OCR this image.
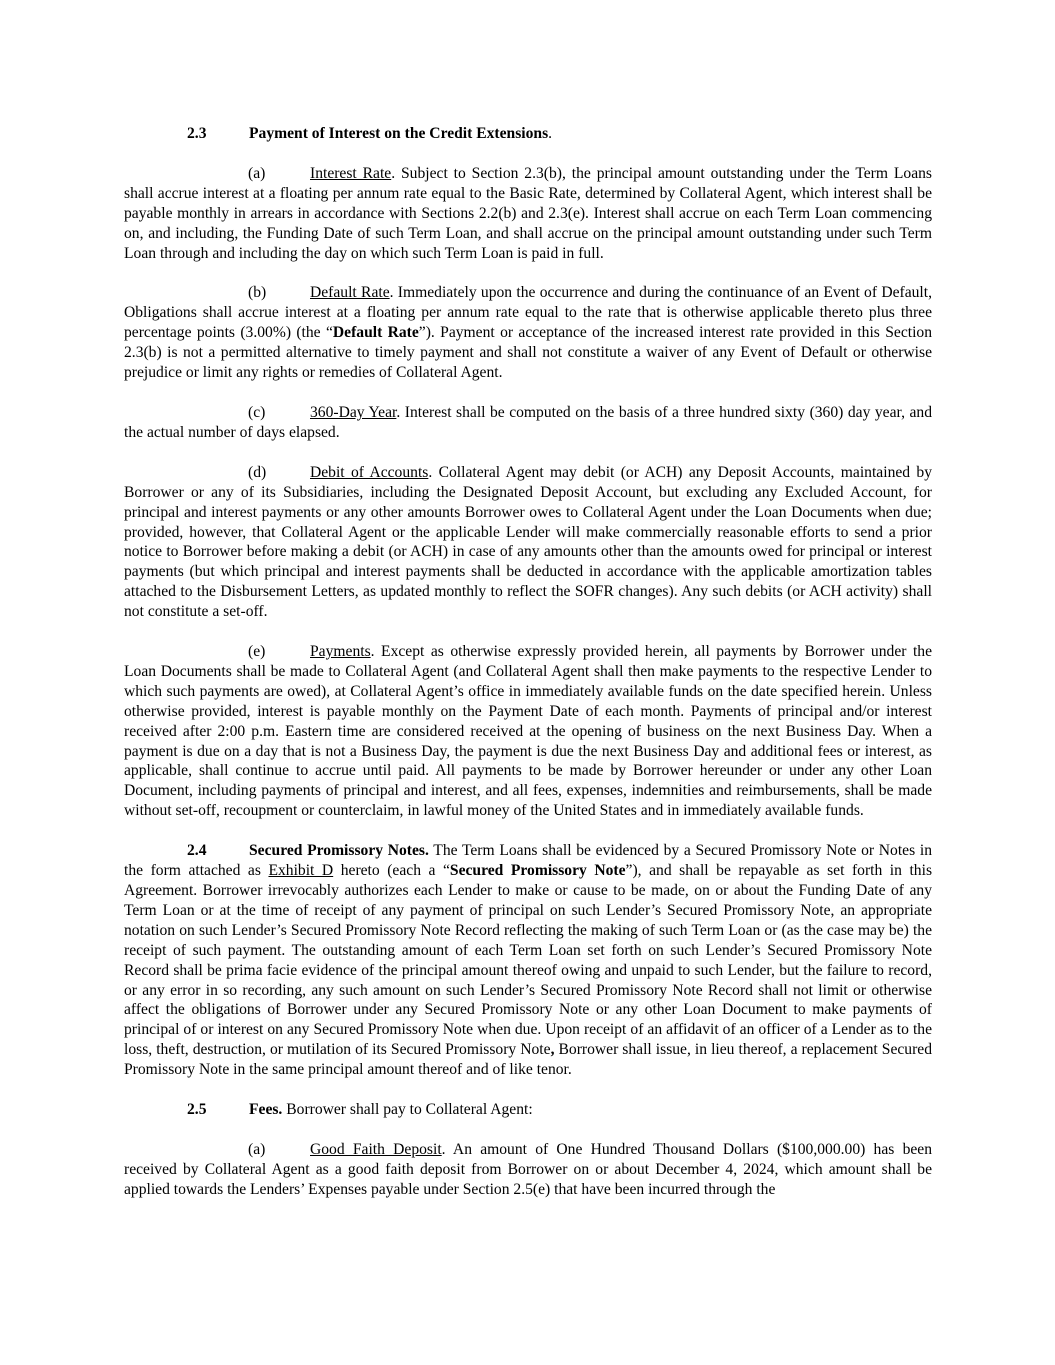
2.3	Payment of Interest on the Credit Extensions.

(a)	Interest Rate. Subject to Section 2.3(b), the principal amount outstanding under the Term Loans shall accrue interest at a floating per annum rate equal to the Basic Rate, determined by Collateral Agent, which interest shall be payable monthly in arrears in accordance with Sections 2.2(b) and 2.3(e). Interest shall accrue on each Term Loan commencing on, and including, the Funding Date of such Term Loan, and shall accrue on the principal amount outstanding under such Term Loan through and including the day on which such Term Loan is paid in full.

(b)	Default Rate. Immediately upon the occurrence and during the continuance of an Event of Default, Obligations shall accrue interest at a floating per annum rate equal to the rate that is otherwise applicable thereto plus three percentage points (3.00%) (the “Default Rate”). Payment or acceptance of the increased interest rate provided in this Section 2.3(b) is not a permitted alternative to timely payment and shall not constitute a waiver of any Event of Default or otherwise prejudice or limit any rights or remedies of Collateral Agent.

(c)	360-Day Year. Interest shall be computed on the basis of a three hundred sixty (360) day year, and the actual number of days elapsed.

(d)	Debit of Accounts. Collateral Agent may debit (or ACH) any Deposit Accounts, maintained by Borrower or any of its Subsidiaries, including the Designated Deposit Account, but excluding any Excluded Account, for principal and interest payments or any other amounts Borrower owes to Collateral Agent under the Loan Documents when due; provided, however, that Collateral Agent or the applicable Lender will make commercially reasonable efforts to send a prior notice to Borrower before making a debit (or ACH) in case of any amounts other than the amounts owed for principal or interest payments (but which principal and interest payments shall be deducted in accordance with the applicable amortization tables attached to the Disbursement Letters, as updated monthly to reflect the SOFR changes). Any such debits (or ACH activity) shall not constitute a set-off.

(e)	Payments. Except as otherwise expressly provided herein, all payments by Borrower under the Loan Documents shall be made to Collateral Agent (and Collateral Agent shall then make payments to the respective Lender to which such payments are owed), at Collateral Agent’s office in immediately available funds on the date specified herein. Unless otherwise provided, interest is payable monthly on the Payment Date of each month. Payments of principal and/or interest received after 2:00 p.m. Eastern time are considered received at the opening of business on the next Business Day. When a payment is due on a day that is not a Business Day, the payment is due the next Business Day and additional fees or interest, as applicable, shall continue to accrue until paid. All payments to be made by Borrower hereunder or under any other Loan Document, including payments of principal and interest, and all fees, expenses, indemnities and reimbursements, shall be made without set-off, recoupment or counterclaim, in lawful money of the United States and in immediately available funds.

2.4	Secured Promissory Notes. The Term Loans shall be evidenced by a Secured Promissory Note or Notes in the form attached as Exhibit D hereto (each a “Secured Promissory Note”), and shall be repayable as set forth in this Agreement. Borrower irrevocably authorizes each Lender to make or cause to be made, on or about the Funding Date of any Term Loan or at the time of receipt of any payment of principal on such Lender’s Secured Promissory Note, an appropriate notation on such Lender’s Secured Promissory Note Record reflecting the making of such Term Loan or (as the case may be) the receipt of such payment. The outstanding amount of each Term Loan set forth on such Lender’s Secured Promissory Note Record shall be prima facie evidence of the principal amount thereof owing and unpaid to such Lender, but the failure to record, or any error in so recording, any such amount on such Lender’s Secured Promissory Note Record shall not limit or otherwise affect the obligations of Borrower under any Secured Promissory Note or any other Loan Document to make payments of principal of or interest on any Secured Promissory Note when due. Upon receipt of an affidavit of an officer of a Lender as to the loss, theft, destruction, or mutilation of its Secured Promissory Note, Borrower shall issue, in lieu thereof, a replacement Secured Promissory Note in the same principal amount thereof and of like tenor.

2.5	Fees. Borrower shall pay to Collateral Agent:

(a)	Good Faith Deposit. An amount of One Hundred Thousand Dollars ($100,000.00) has been received by Collateral Agent as a good faith deposit from Borrower on or about December 4, 2024, which amount shall be applied towards the Lenders’ Expenses payable under Section 2.5(e) that have been incurred through the
